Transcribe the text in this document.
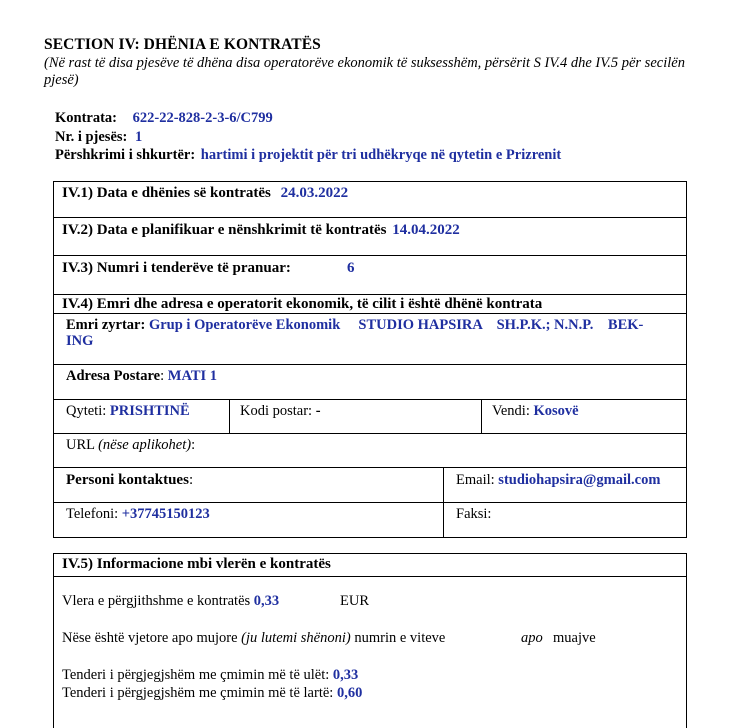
SECTION IV: DHËNIA E KONTRATËS
(Në rast të disa pjesëve të dhëna disa operatorëve ekonomik të suksesshëm, përsërit S IV.4 dhe IV.5 për secilën pjesë)
Kontrata: 622-22-828-2-3-6/C799
Nr. i pjesës: 1
Përshkrimi i shkurtër: hartimi i projektit për tri udhëkryqe në qytetin e Prizrenit
IV.1) Data e dhënies së kontratës 24.03.2022
IV.2) Data e planifikuar e nënshkrimit të kontratës 14.04.2022
IV.3) Numri i tenderëve të pranuar:	6
IV.4) Emri dhe adresa e operatorit ekonomik, të cilit i është dhënë kontrata
Emri zyrtar: Grup i Operatorëve Ekonomik     STUDIO HAPSIRA    SH.P.K.; N.N.P.    BEK-
ING
Adresa Postare: MATI 1
Qyteti: PRISHTINË	Kodi postar: -	Vendi: Kosovë
URL (nëse aplikohet):
Personi kontaktues:	Email: studiohapsira@gmail.com
Telefoni: +37745150123	Faksi:
IV.5) Informacione mbi vlerën e kontratës
Vlera e përgjithshme e kontratës 0,33	EUR
Nëse është vjetore apo mujore (ju lutemi shënoni) numrin e viteve	apo muajve
Tenderi i përgjegjshëm me çmimin më të ulët: 0,33
Tenderi i përgjegjshëm me çmimin më të lartë: 0,60
